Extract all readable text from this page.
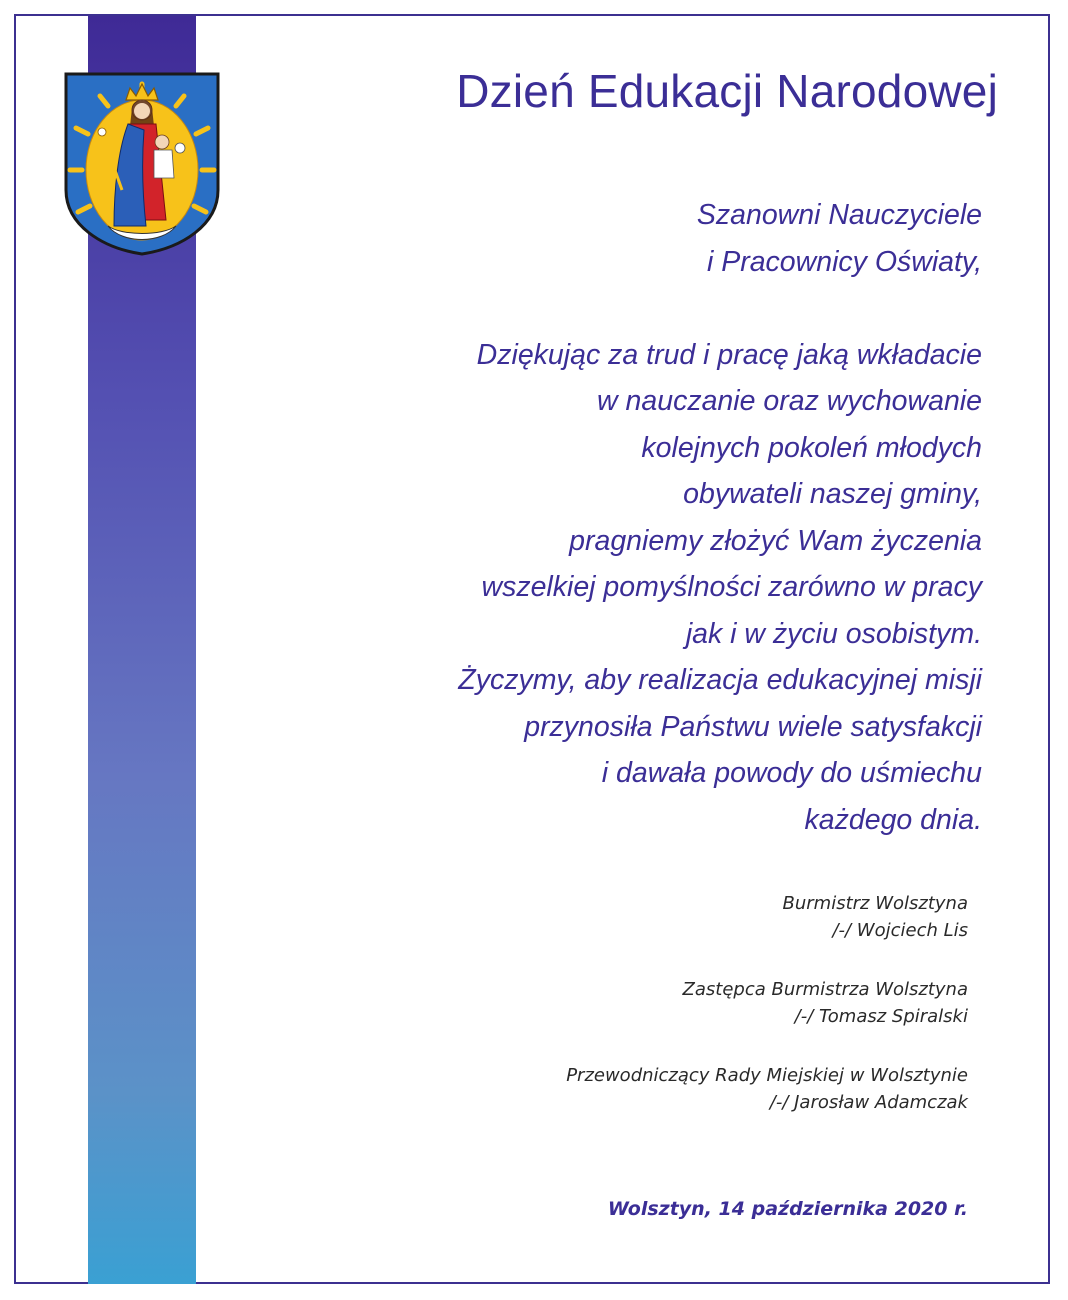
Dzień Edukacji Narodowej
Szanowni Nauczyciele
i Pracownicy Oświaty,
Dziękując za trud i pracę jaką wkładacie
w nauczanie oraz wychowanie
kolejnych pokoleń młodych
obywateli naszej gminy,
pragniemy złożyć Wam życzenia
wszelkiej pomyślności zarówno w pracy
jak i w życiu osobistym.
Życzymy, aby realizacja edukacyjnej misji
przynosiła Państwu wiele satysfakcji
i dawała powody do uśmiechu
każdego dnia.
Burmistrz Wolsztyna
/-/ Wojciech Lis
Zastępca Burmistrza Wolsztyna
/-/ Tomasz Spiralski
Przewodniczący Rady Miejskiej w Wolsztynie
/-/ Jarosław Adamczak
Wolsztyn, 14 października 2020 r.
